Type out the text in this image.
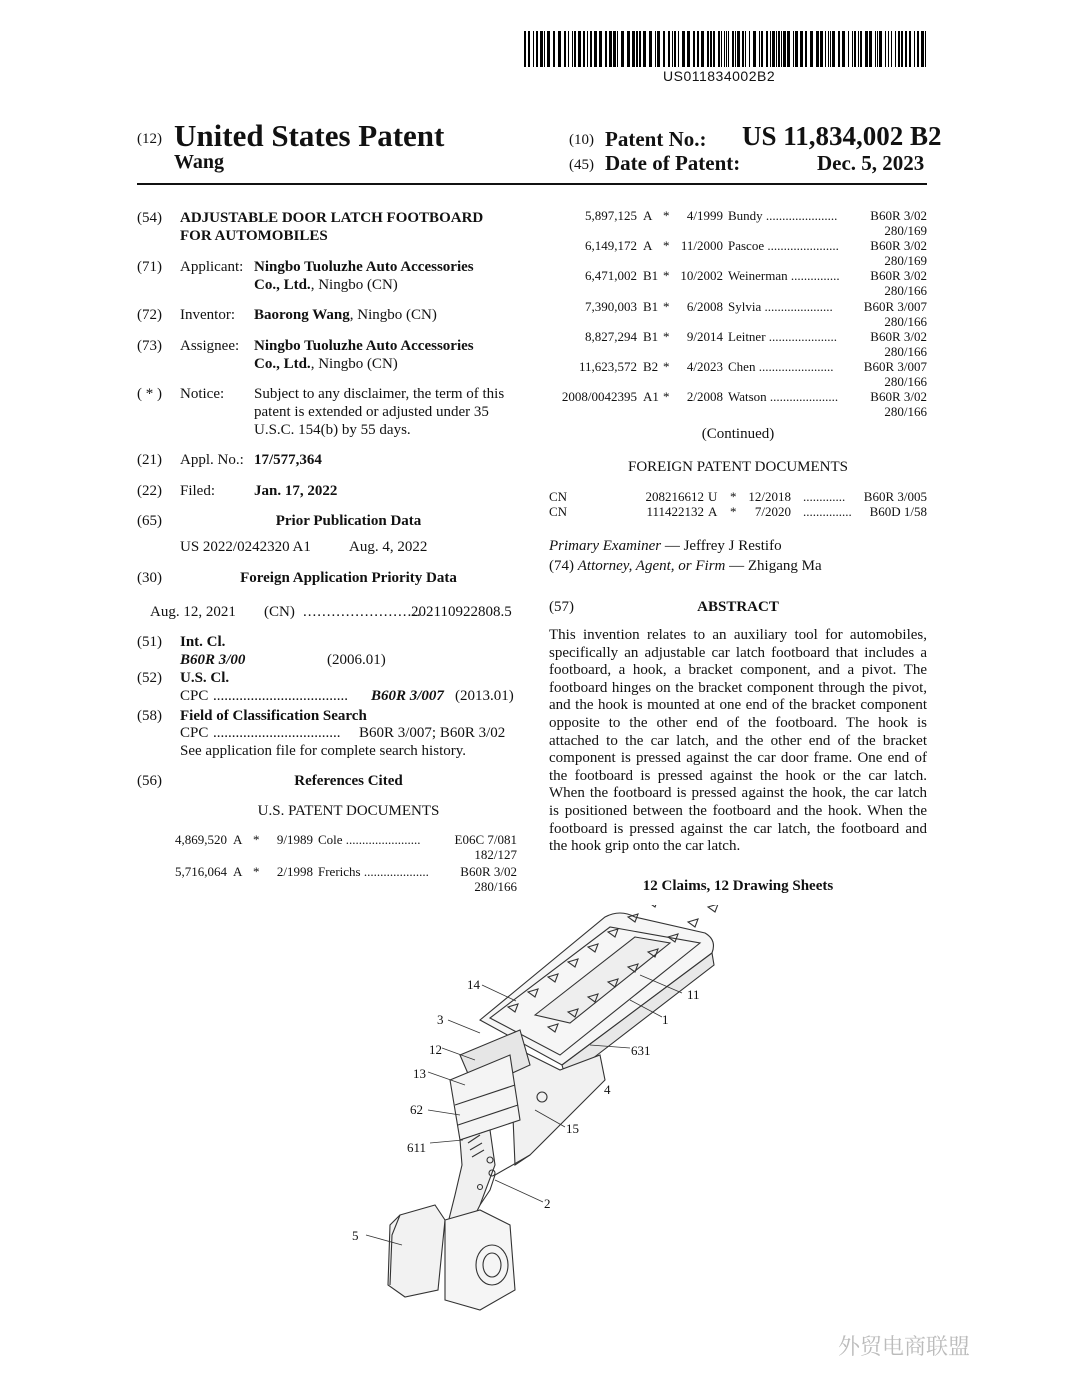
US011834002B2
(12) United States Patent
Wang
(10) Patent No.: US 11,834,002 B2
(45) Date of Patent:	Dec. 5, 2023
(54) ADJUSTABLE DOOR LATCH FOOTBOARD
FOR AUTOMOBILES
(71) Applicant: Ningbo Tuoluzhe Auto Accessories
Co., Ltd., Ningbo (CN)
(72) Inventor: Baorong Wang, Ningbo (CN)
(73) Assignee: Ningbo Tuoluzhe Auto Accessories
Co., Ltd., Ningbo (CN)
( * ) Notice: Subject to any disclaimer, the term of this
patent is extended or adjusted under 35
U.S.C. 154(b) by 55 days.
(21) Appl. No.: 17/577,364
(22) Filed:	Jan. 17, 2022
(65)	Prior Publication Data
US 2022/0242320 A1	Aug. 4, 2022
(30)	Foreign Application Priority Data
Aug. 12, 2021 (CN) .........................
202110922808.5
(51) Int. Cl.
B60R 3/00	(2006.01)
(52) U.S. Cl.
CPC .................................... B60R 3/007 (2013.01)
(58) Field of Classification Search
CPC .................................. B60R 3/007; B60R 3/02
See application file for complete search history.
(56)	References Cited
U.S. PATENT DOCUMENTS
4,869,520 A * 9/1989 Cole .......................	E06C 7/081
182/127
5,716,064 A * 2/1998 Frerichs .................... B60R 3/02
280/166
5,897,125 A * 4/1999 Bundy ......................	B60R 3/02
280/169
6,149,172 A * 11/2000 Pascoe ...................... B60R 3/02
280/169
6,471,002 B1 * 10/2002 Weinerman ............... B60R 3/02
280/166
7,390,003 B1 * 6/2008 Sylvia ..................... B60R 3/007
280/166
8,827,294 B1 * 9/2014 Leitner .....................	B60R 3/02
280/166
11,623,572 B2 * 4/2023 Chen ....................... B60R 3/007
280/166
2008/0042395 A1 * 2/2008 Watson ..................... B60R 3/02
280/166
(Continued)
FOREIGN PATENT DOCUMENTS
CN	208216612 U * 12/2018 ............. B60R 3/005
CN	111422132 A * 7/2020 ............... B60D 1/58
Primary Examiner — Jeffrey J Restifo
(74) Attorney, Agent, or Firm — Zhigang Ma
(57)	ABSTRACT
This invention relates to an auxiliary tool for automobiles, specifically an adjustable car latch footboard that includes a footboard, a hook, a bracket component, and a pivot. The footboard hinges on the bracket component through the pivot, and the hook is mounted at one end of the bracket component opposite to the other end of the footboard. The hook is attached to the car latch, and the other end of the bracket component is pressed against the car door frame. One end of the footboard is pressed against the hook or the car latch. When the footboard is pressed against the hook, the car latch is positioned between the footboard and the hook. When the footboard is pressed against the car latch, the footboard and the hook grip onto the car latch.
12 Claims, 12 Drawing Sheets
14
3
12
13
62
611
5
11
1
631
4
15
2
外贸电商联盟
